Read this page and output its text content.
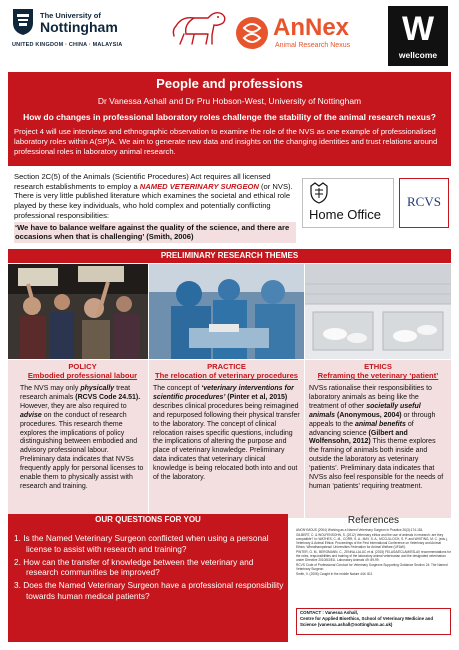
The University of
Nottingham
UNITED KINGDOM · CHINA · MALAYSIA
AnNex
Animal Research Nexus	W
wellcome
People and professions
Dr Vanessa Ashall and Dr Pru Hobson-West, University of Nottingham
How do changes in professional laboratory roles challenge the stability of the animal research nexus?
Project 4 will use interviews and ethnographic observation to examine the role of the NVS as one example of professionalised laboratory roles within A(SP)A. We aim to generate new data and insights on the changing identities and trust relations around professional roles in laboratory animal research.
Section 2C(5) of the Animals (Scientific Procedures) Act requires all licensed research establishments to employ a NAMED VETERINARY SURGEON (or NVS). There is very little published literature which examines the societal and ethical role played by these key individuals, who hold complex and potentially conflicting professional responsibilities:
‘We have to balance welfare against the quality of the science, and there are occasions when that is challenging’ (Smith, 2006)
Home Office
RCVS
PRELIMINARY RESEARCH THEMES
POLICY
Embodied professional labour

The NVS may only physically treat research animals (RCVS Code 24.51). However, they are also required to advise on the conduct of research procedures. This research theme explores the implications of policy distinguishing between embodied and advisory professional labour. Preliminary data indicates that NVSs frequently apply for personal licenses to enable them to physically assist with research and training.

PRACTICE
The relocation of veterinary procedures

The concept of ‘veterinary interventions for scientific procedures’ (Pinter et al, 2015) describes clinical procedures being reimagined and repurposed following their physical transfer to the laboratory. The concept of clinical relocation raises specific questions, including the implications of altering the purpose and place of veterinary knowledge. Preliminary data indicates that veterinary clinical knowledge is being relocated both into and out of the laboratory.

ETHICS
Reframing the veterinary ‘patient’

NVSs rationalise their responsibilities to laboratory animals as being like the treatment of other societally useful animals (Anonymous, 2004) or through appeals to the animal benefits of advancing science (Gilbert and Wolfensohn, 2012) This theme explores the framing of animals both inside and outside the laboratory as veterinary ‘patients’. Preliminary data indicates that NVSs also feel responsible for the needs of human ‘patients’ requiring treatment.

OUR QUESTIONS FOR YOU
1. Is the Named Veterinary Surgeon conflicted when using a personal license to assist with research and training?
2. How can the transfer of knowledge between the veterinary and research communities be improved?
3. Does the Named Veterinary Surgeon have a professional responsibility towards human medical patients?
References

ANONYMOUS (2004) Working as a Named Veterinary Surgeon in Practice 26(3):174-181.

GILBERT, C. & WOLFENSOHN, S. (2012) Veterinary ethics and the use of animals in research: are they compatible? In: WATHES, C. M., CORR, S. A., MAY, S. A., MCCULLOCH, S. P. and WHITING, M. C. (eds.), Veterinary & Animal Ethics: Proceedings of the First International Conference on Veterinary and Animal Ethics. Wheathampstead: Universities Federation for Animal Welfare (UFAW).

PINTER, G. M., BERGMANN, C., ZENNA-LALUC et al. (2015) FELASA/ECLAM/ESLAV recommendations for the roles, responsibilities and training of the laboratory animal veterinarian and the designated veterinarian under Directive 2010/63/EU. Laboratory Animals 49: 89-99.

RCVS Code of Professional Conduct for Veterinary Surgeons Supporting Guidance Section 24: The Named Veterinary Surgeon.

Smith, V. (2006) Caught in the middle Nature 444: 811

CONTACT : Vanessa Ashall,
Centre for Applied Bioethics, School of Veterinary Medicine and Science (vanessa.ashall@nottingham.ac.uk)
